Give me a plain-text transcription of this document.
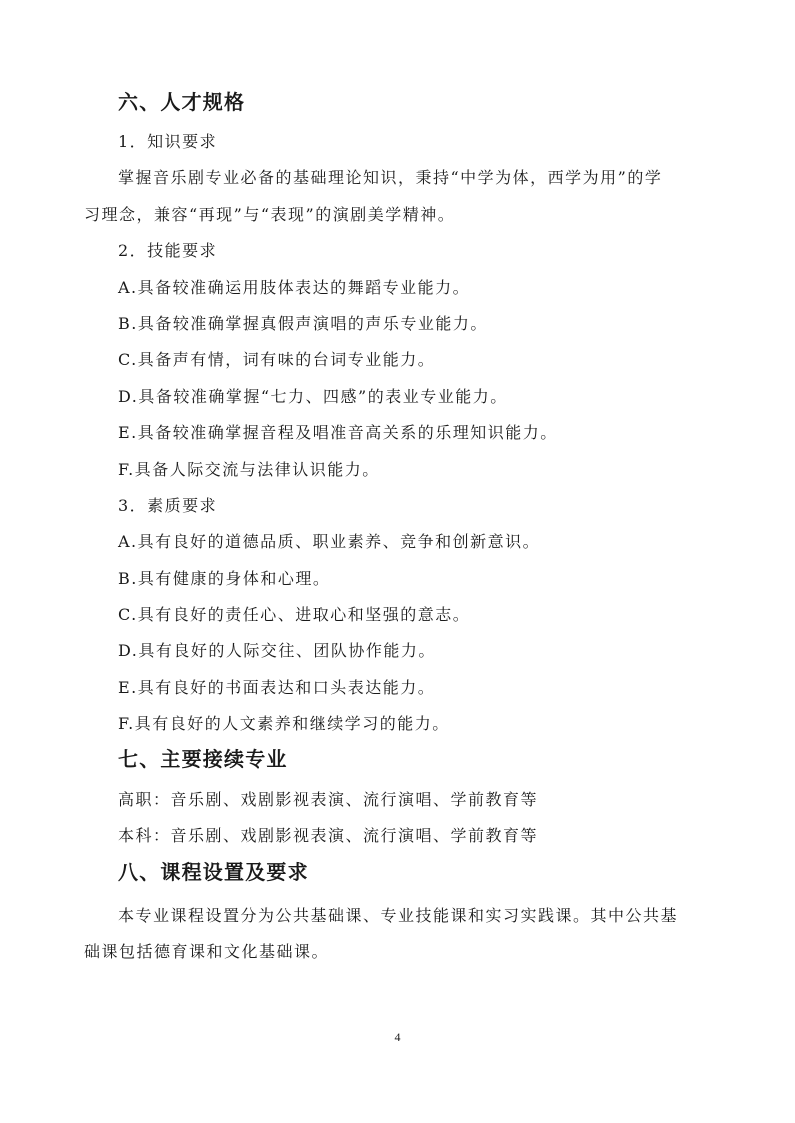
六、人才规格
1．知识要求
掌握音乐剧专业必备的基础理论知识，秉持“中学为体，西学为用”的学
习理念，兼容“再现”与“表现”的演剧美学精神。
2．技能要求
A.具备较准确运用肢体表达的舞蹈专业能力。
B.具备较准确掌握真假声演唱的声乐专业能力。
C.具备声有情，词有味的台词专业能力。
D.具备较准确掌握“七力、四感”的表业专业能力。
E.具备较准确掌握音程及唱准音高关系的乐理知识能力。
F.具备人际交流与法律认识能力。
3．素质要求
A.具有良好的道德品质、职业素养、竞争和创新意识。
B.具有健康的身体和心理。
C.具有良好的责任心、进取心和坚强的意志。
D.具有良好的人际交往、团队协作能力。
E.具有良好的书面表达和口头表达能力。
F.具有良好的人文素养和继续学习的能力。
七、主要接续专业
高职：音乐剧、戏剧影视表演、流行演唱、学前教育等
本科：音乐剧、戏剧影视表演、流行演唱、学前教育等
八、课程设置及要求
本专业课程设置分为公共基础课、专业技能课和实习实践课。其中公共基
础课包括德育课和文化基础课。
4
